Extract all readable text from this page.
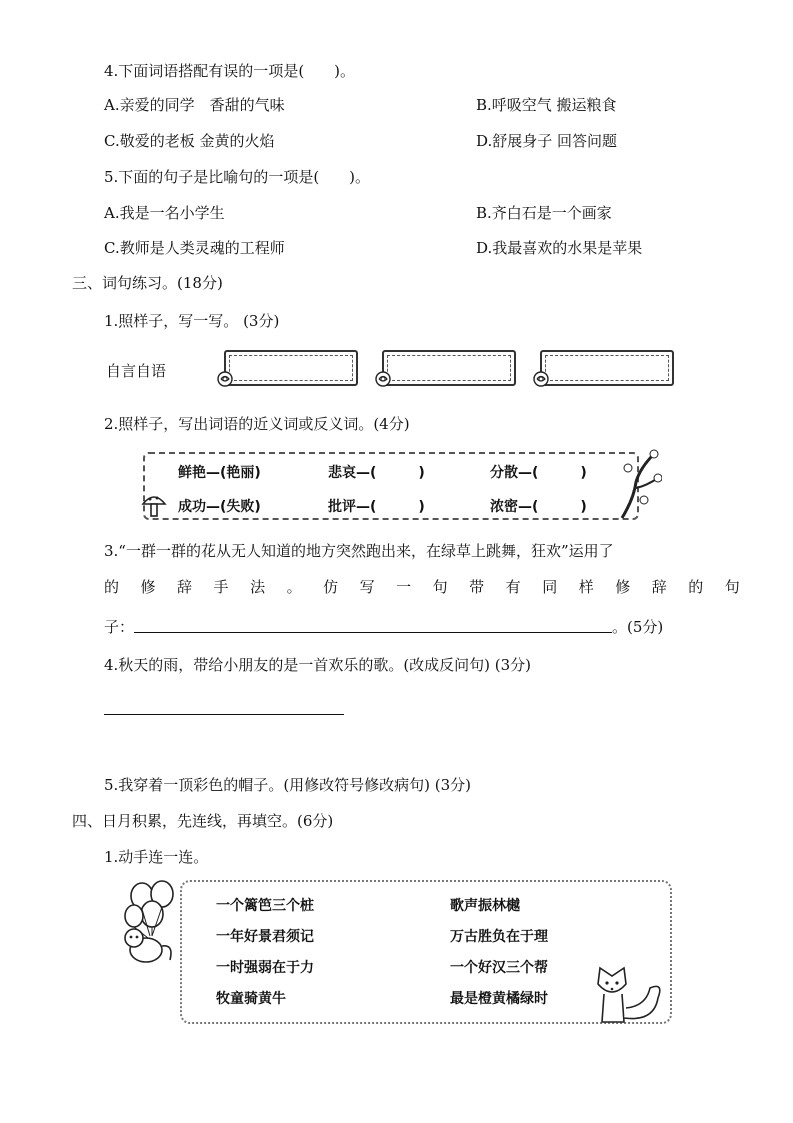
4.下面词语搭配有误的一项是(　　)。
A.亲爱的同学　香甜的气味	B.呼吸空气 搬运粮食
C.敬爱的老板 金黄的火焰	D.舒展身子 回答问题
5.下面的句子是比喻句的一项是(　　)。
A.我是一名小学生	B.齐白石是一个画家
C.教师是人类灵魂的工程师	D.我最喜欢的水果是苹果
三、词句练习。(18分)
1.照样子，写一写。 (3分)
自言自语
2.照样子，写出词语的近义词或反义词。(4分)
鲜艳—(艳丽)	悲哀—(　　　)	分散—(　　　)
成功—(失败)	批评—(　　　)	浓密—(　　　)
3.“一群一群的花从无人知道的地方突然跑出来，在绿草上跳舞，狂欢”运用了
的 修 辞 手 法 。 仿 写 一 句 带 有 同 样 修 辞 的 句
子：	。(5分)
4.秋天的雨，带给小朋友的是一首欢乐的歌。(改成反问句) (3分)
5.我穿着一顶彩色的帽子。(用修改符号修改病句) (3分)
四、日月积累，先连线，再填空。(6分)
1.动手连一连。
一个篱笆三个桩
一年好景君须记
一时强弱在于力
牧童骑黄牛
歌声振林樾
万古胜负在于理
一个好汉三个帮
最是橙黄橘绿时
